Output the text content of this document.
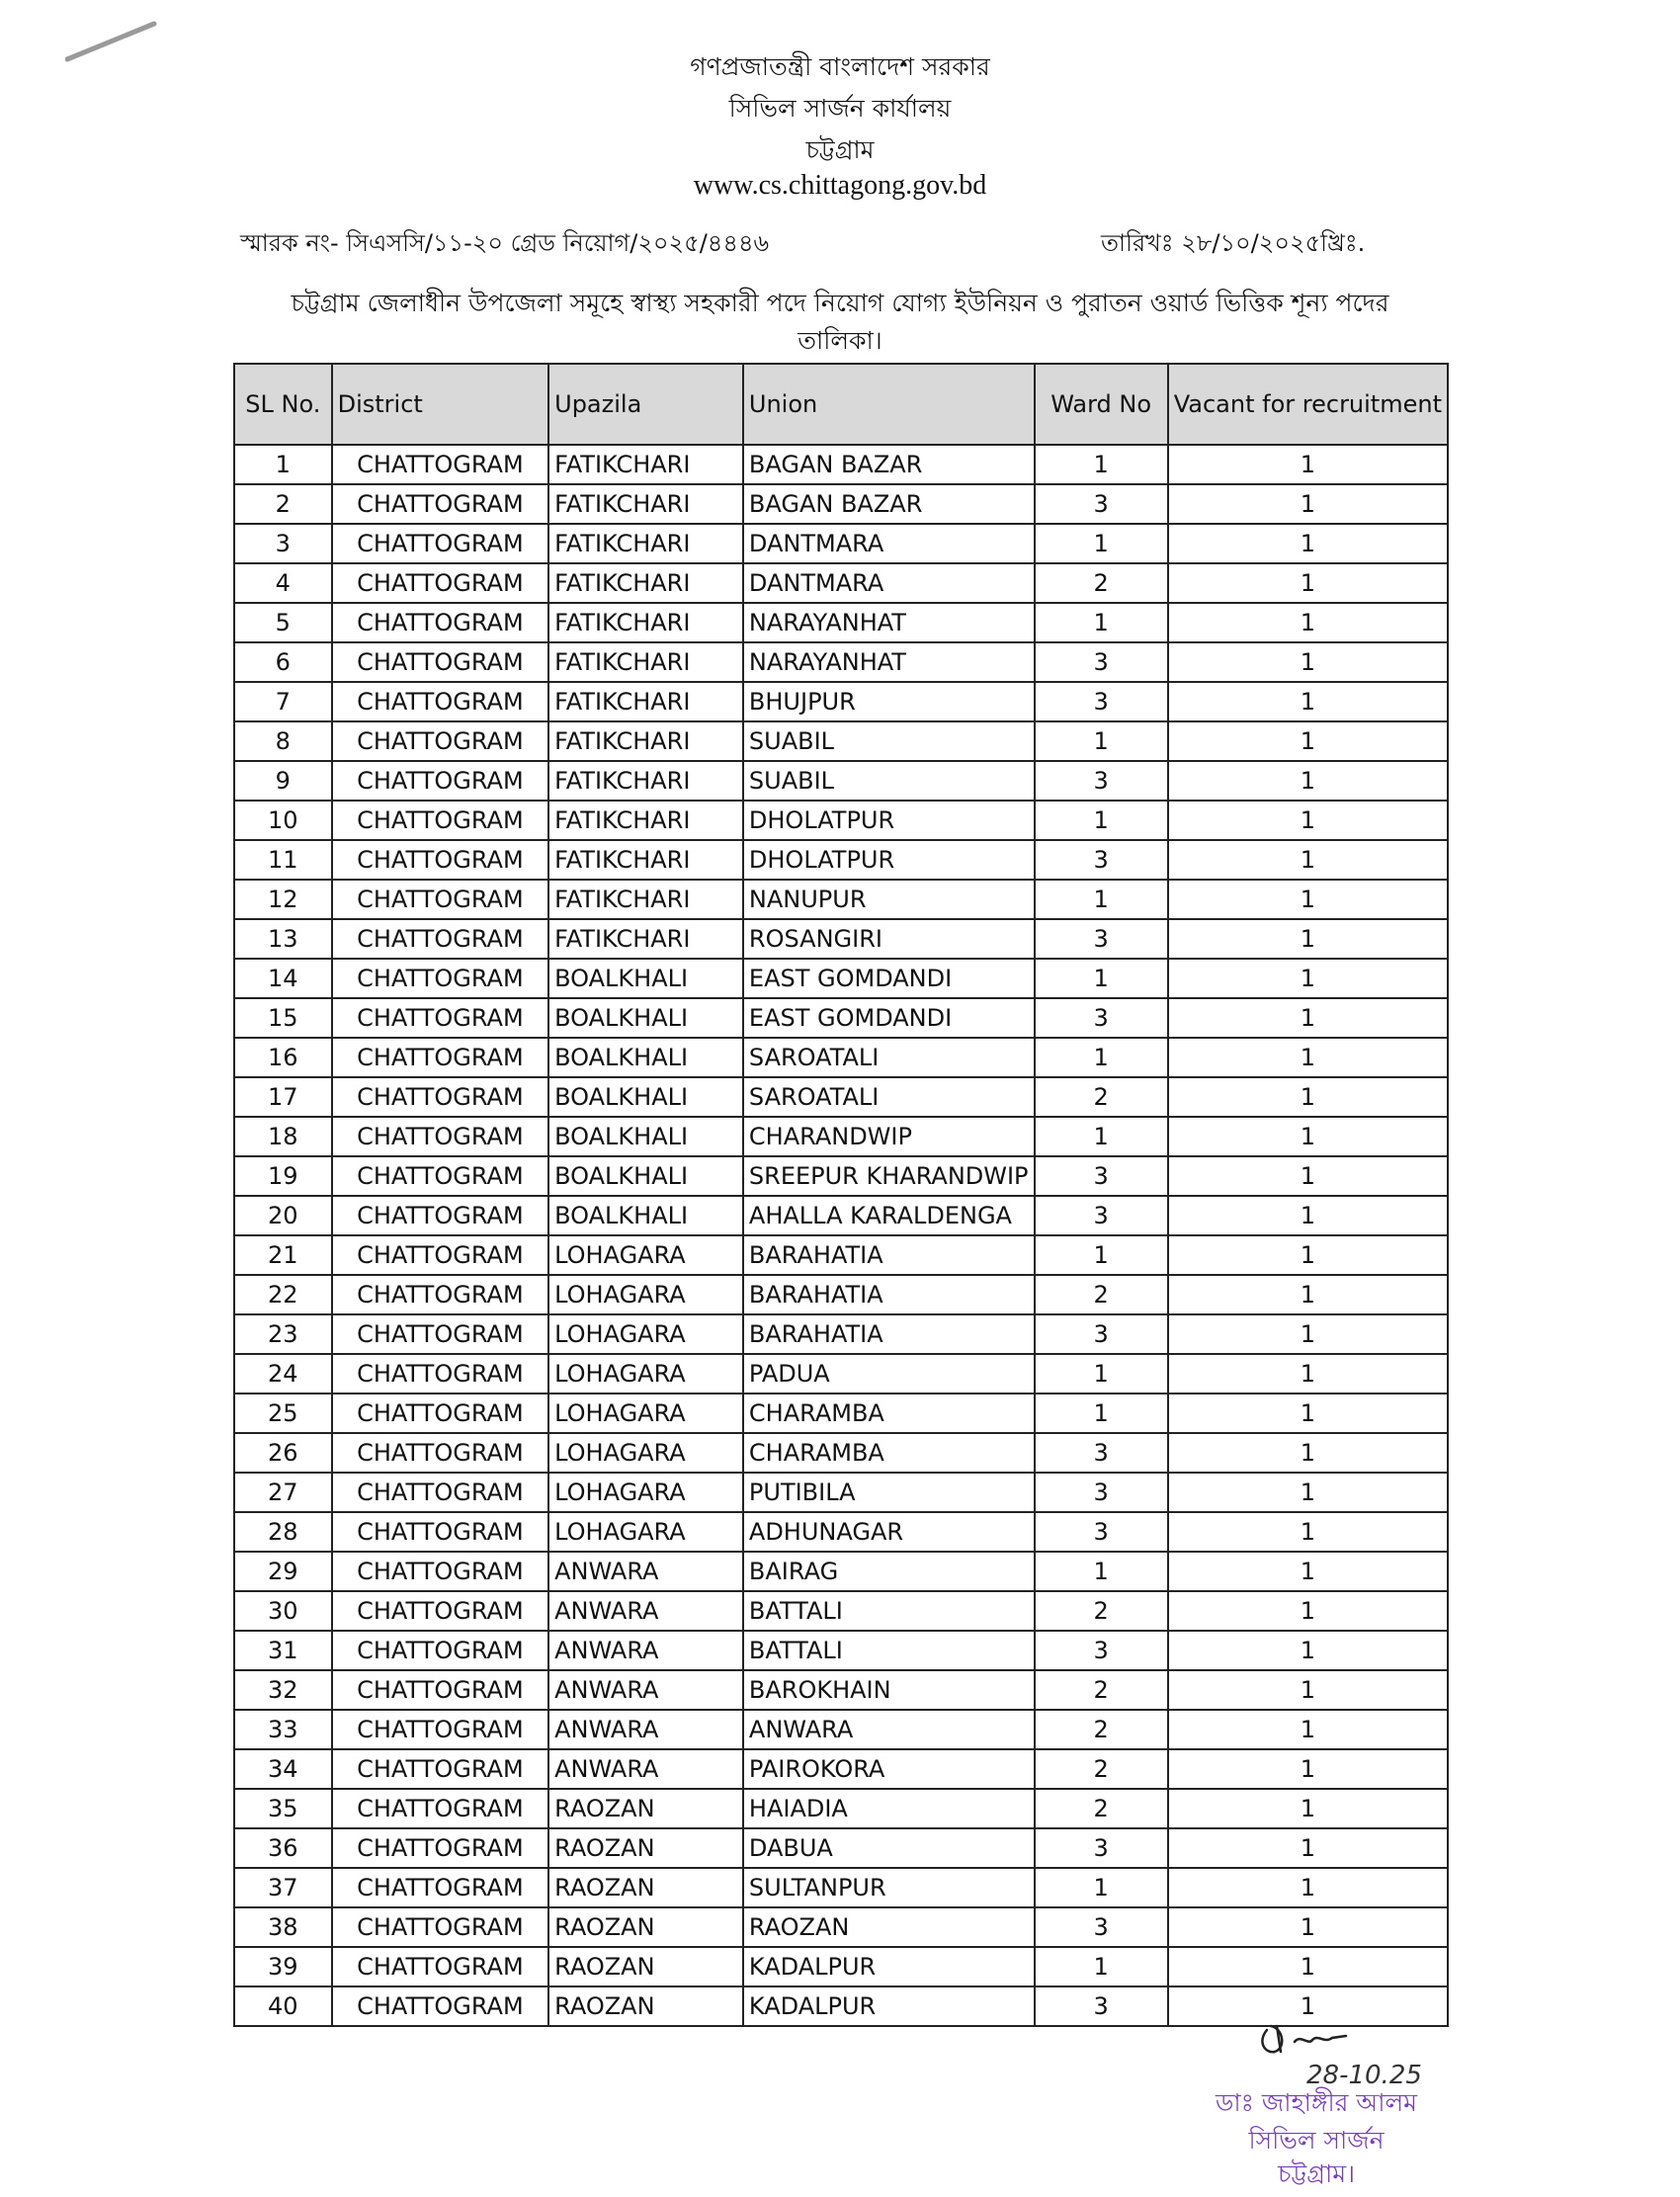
গণপ্রজাতন্ত্রী বাংলাদেশ সরকার
সিভিল সার্জন কার্যালয়
চট্টগ্রাম
www.cs.chittagong.gov.bd
স্মারক নং- সিএসসি/১১-২০ গ্রেড নিয়োগ/২০২৫/৪৪৪৬	তারিখঃ ২৮/১০/২০২৫খ্রিঃ.
চট্টগ্রাম জেলাধীন উপজেলা সমূহে স্বাস্থ্য সহকারী পদে নিয়োগ যোগ্য ইউনিয়ন ও পুরাতন ওয়ার্ড ভিত্তিক শূন্য পদের তালিকা।
SL No.	District	Upazila	Union	Ward No	Vacant for recruitment
1	CHATTOGRAM	FATIKCHARI	BAGAN BAZAR	1	1
2	CHATTOGRAM	FATIKCHARI	BAGAN BAZAR	3	1
3	CHATTOGRAM	FATIKCHARI	DANTMARA	1	1
4	CHATTOGRAM	FATIKCHARI	DANTMARA	2	1
5	CHATTOGRAM	FATIKCHARI	NARAYANHAT	1	1
6	CHATTOGRAM	FATIKCHARI	NARAYANHAT	3	1
7	CHATTOGRAM	FATIKCHARI	BHUJPUR	3	1
8	CHATTOGRAM	FATIKCHARI	SUABIL	1	1
9	CHATTOGRAM	FATIKCHARI	SUABIL	3	1
10	CHATTOGRAM	FATIKCHARI	DHOLATPUR	1	1
11	CHATTOGRAM	FATIKCHARI	DHOLATPUR	3	1
12	CHATTOGRAM	FATIKCHARI	NANUPUR	1	1
13	CHATTOGRAM	FATIKCHARI	ROSANGIRI	3	1
14	CHATTOGRAM	BOALKHALI	EAST GOMDANDI	1	1
15	CHATTOGRAM	BOALKHALI	EAST GOMDANDI	3	1
16	CHATTOGRAM	BOALKHALI	SAROATALI	1	1
17	CHATTOGRAM	BOALKHALI	SAROATALI	2	1
18	CHATTOGRAM	BOALKHALI	CHARANDWIP	1	1
19	CHATTOGRAM	BOALKHALI	SREEPUR KHARANDWIP	3	1
20	CHATTOGRAM	BOALKHALI	AHALLA KARALDENGA	3	1
21	CHATTOGRAM	LOHAGARA	BARAHATIA	1	1
22	CHATTOGRAM	LOHAGARA	BARAHATIA	2	1
23	CHATTOGRAM	LOHAGARA	BARAHATIA	3	1
24	CHATTOGRAM	LOHAGARA	PADUA	1	1
25	CHATTOGRAM	LOHAGARA	CHARAMBA	1	1
26	CHATTOGRAM	LOHAGARA	CHARAMBA	3	1
27	CHATTOGRAM	LOHAGARA	PUTIBILA	3	1
28	CHATTOGRAM	LOHAGARA	ADHUNAGAR	3	1
29	CHATTOGRAM	ANWARA	BAIRAG	1	1
30	CHATTOGRAM	ANWARA	BATTALI	2	1
31	CHATTOGRAM	ANWARA	BATTALI	3	1
32	CHATTOGRAM	ANWARA	BAROKHAIN	2	1
33	CHATTOGRAM	ANWARA	ANWARA	2	1
34	CHATTOGRAM	ANWARA	PAIROKORA	2	1
35	CHATTOGRAM	RAOZAN	HAIADIA	2	1
36	CHATTOGRAM	RAOZAN	DABUA	3	1
37	CHATTOGRAM	RAOZAN	SULTANPUR	1	1
38	CHATTOGRAM	RAOZAN	RAOZAN	3	1
39	CHATTOGRAM	RAOZAN	KADALPUR	1	1
40	CHATTOGRAM	RAOZAN	KADALPUR	3	1
28-10.25
ডাঃ জাহাঙ্গীর আলম
সিভিল সার্জন
চট্টগ্রাম।
